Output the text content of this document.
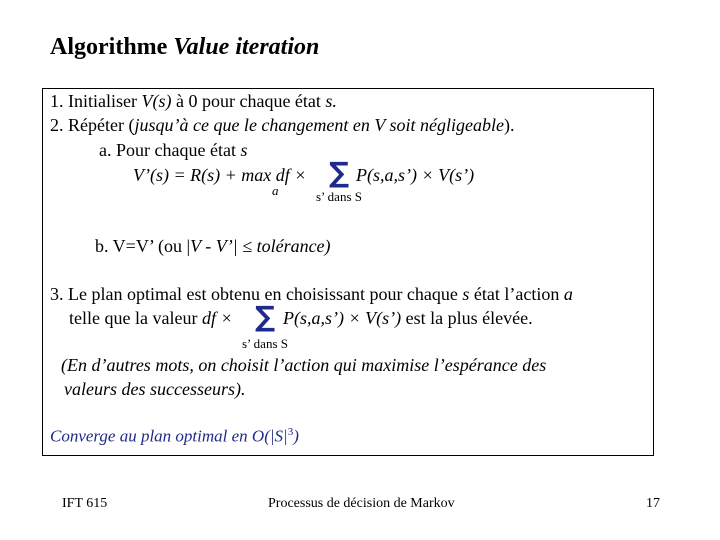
Algorithme Value iteration
1. Initialiser V(s) à 0 pour chaque état s.
2. Répéter (jusqu’à ce que le changement en V soit négligeable).
a. Pour chaque état s
V’(s) = R(s) + max df × ∑ P(s,a,s’) × V(s’)
a	s’ dans S
b. V=V’ (ou |V - V’| ≤ tolérance)
3. Le plan optimal est obtenu en choisissant pour chaque s état l’action a
telle que la valeur df × ∑ P(s,a,s’) × V(s’) est la plus élevée.
s’ dans S
(En d’autres mots, on choisit l’action qui maximise l’espérance des
valeurs des successeurs).
Converge au plan optimal en $O(|S|^3)$
IFT 615	Processus de décision de Markov	17
